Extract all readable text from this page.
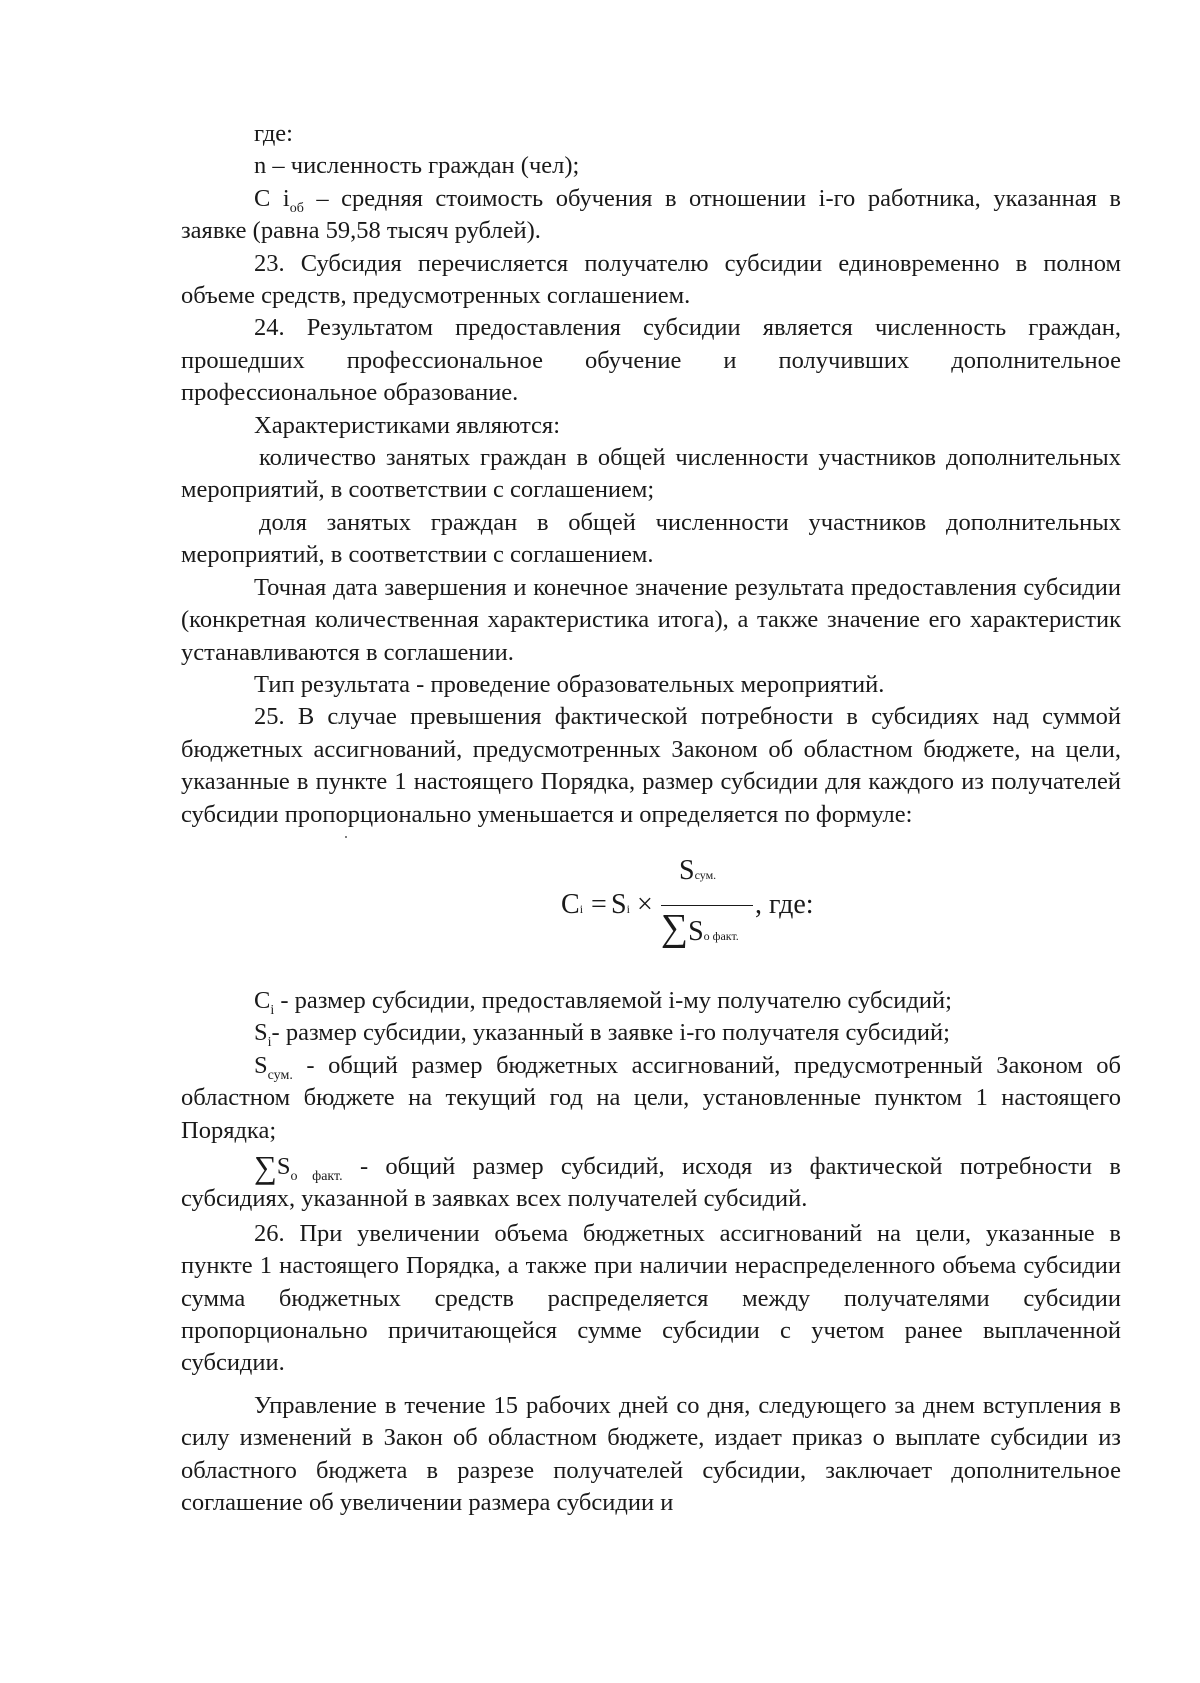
где:

n – численность граждан (чел);

С $i_{об}$ – средняя стоимость обучения в отношении i-го работника, указанная в заявке (равна 59,58 тысяч рублей).

23. Субсидия перечисляется получателю субсидии единовременно в полном объеме средств, предусмотренных соглашением.

24. Результатом предоставления субсидии является численность граждан, прошедших профессиональное обучение и получивших дополнительное профессиональное образование.

Характеристиками являются:

количество занятых граждан в общей численности участников дополнительных мероприятий, в соответствии с соглашением;

доля занятых граждан в общей численности участников дополнительных мероприятий, в соответствии с соглашением.

Точная дата завершения и конечное значение результата предоставления субсидии (конкретная количественная характеристика итога), а также значение его характеристик устанавливаются в соглашении.

Тип результата - проведение образовательных мероприятий.

25. В случае превышения фактической потребности в субсидиях над суммой бюджетных ассигнований, предусмотренных Законом об областном бюджете, на цели, указанные в пункте 1 настоящего Порядка, размер субсидии для каждого из получателей субсидии пропорционально уменьшается и определяется по формуле:

Ci = Si ×
Sсум.
∑Sо факт.
, где:

$C_i$ - размер субсидии, предоставляемой i-му получателю субсидий;

$S_i-$ размер субсидии, указанный в заявке i-го получателя субсидий;

$S_{сум.}$ - общий размер бюджетных ассигнований, предусмотренный Законом об областном бюджете на текущий год на цели, установленные пунктом 1 настоящего Порядка;

$\sum S_{о факт.}$ - общий размер субсидий, исходя из фактической потребности в субсидиях, указанной в заявках всех получателей субсидий.

26. При увеличении объема бюджетных ассигнований на цели, указанные в пункте 1 настоящего Порядка, а также при наличии нераспределенного объема субсидии сумма бюджетных средств распределяется между получателями субсидии пропорционально причитающейся сумме субсидии с учетом ранее выплаченной субсидии.

Управление в течение 15 рабочих дней со дня, следующего за днем вступления в силу изменений в Закон об областном бюджете, издает приказ о выплате субсидии из областного бюджета в разрезе получателей субсидии, заключает дополнительное соглашение об увеличении размера субсидии и
